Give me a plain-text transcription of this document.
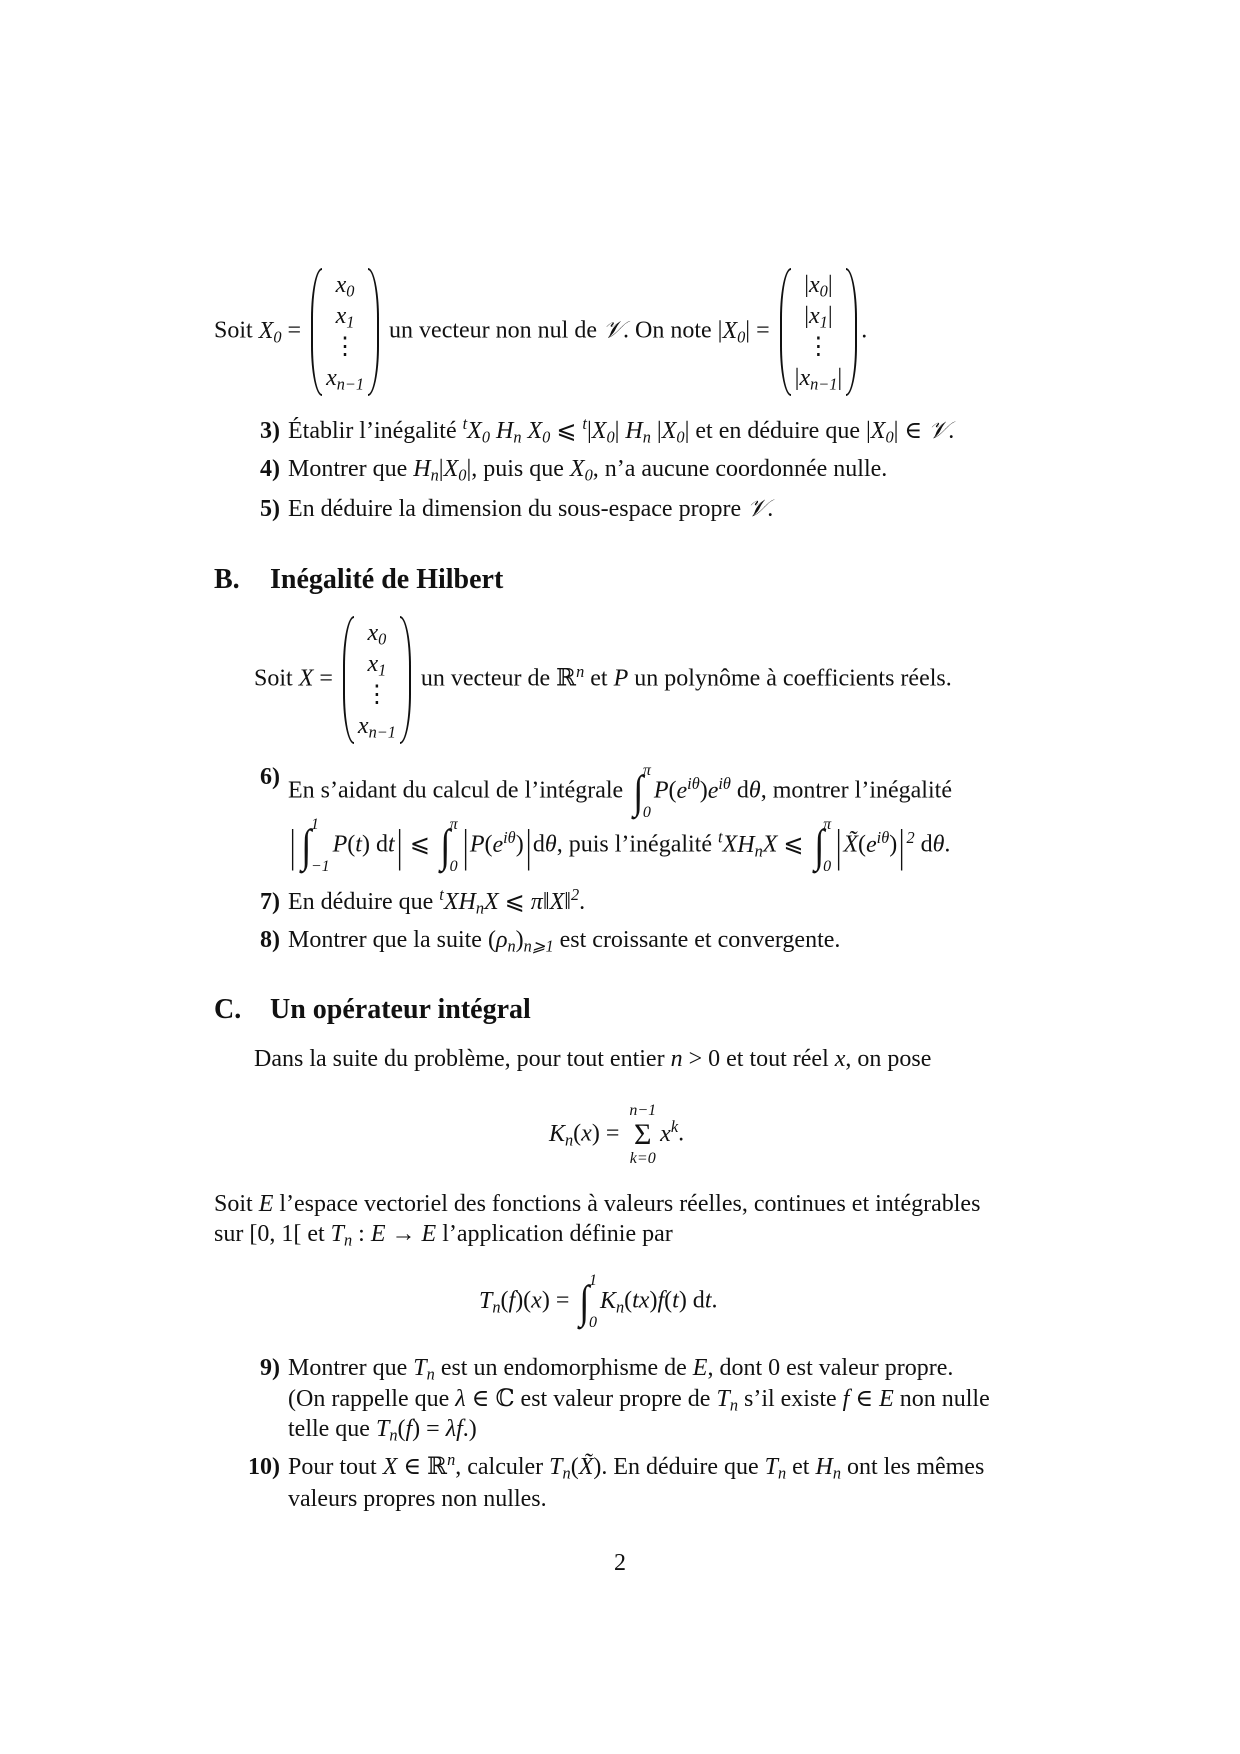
Soit $X_0$ =
$x_0$
$x_1$
⋮
$x_{n-1}$
un vecteur non nul de 𝒱. On note $|X_0|$ =
$|x_0|$
$|x_1|$
⋮
$|x_{n-1}|$
.
3) Établir l’inégalité $^tX_0$ $H_n$ $X_0$ ⩽ $^t|X_0|$ $H_n$ $|X_0|$ et en déduire que $|X_0|$ ∈ 𝒱.
4) Montrer que $H_n|X_0|$, puis que $X_0$, n’a aucune coordonnée nulle.
5) En déduire la dimension du sous-espace propre 𝒱.
B. Inégalité de Hilbert
Soit X =
$x_0$
$x_1$
⋮
$x_{n-1}$
un vecteur de ℝ$^n$ et P un polynôme à coefficients réels.
6)
En s’aidant du calcul de l’intégrale ∫ π
0
$P(e^{i\theta})e^{i\theta}$ dθ, montrer l’inégalité
| ∫ 1
−1
P(t) dt| ⩽ ∫ π
0 $|P(e^{i\theta})|d\theta$, puis l’inégalité $^tXH_nX$ ⩽ ∫ π
0 $|X̃(e^{i\theta})|$ $^2$ dθ.
7) En déduire que $^tXH_nX$ ⩽ π‖X‖$^2$.
8) Montrer que la suite $(\rho_n)_{n⩾1}$ est croissante et convergente.
C. Un opérateur intégral
Dans la suite du problème, pour tout entier n > 0 et tout réel x, on pose
$K_n(x)$ =
n−1
Σ
k=0
$x^k$.
Soit E l’espace vectoriel des fonctions à valeurs réelles, continues et intégrables
sur [0, 1[ et $T_n$ : E → E l’application définie par
$T_n(f)(x)$ = ∫ 1
0
$K_n(tx)f(t)$ dt.
9) Montrer que $T_n$ est un endomorphisme de E, dont 0 est valeur propre.
(On rappelle que λ ∈ ℂ est valeur propre de $T_n$ s’il existe f ∈ E non nulle
telle que $T_n(f) = \lambda f$.)
10) Pour tout X ∈ ℝ$^n$, calculer $T_n(X̃)$. En déduire que $T_n$ et $H_n$ ont les mêmes
valeurs propres non nulles.
2
